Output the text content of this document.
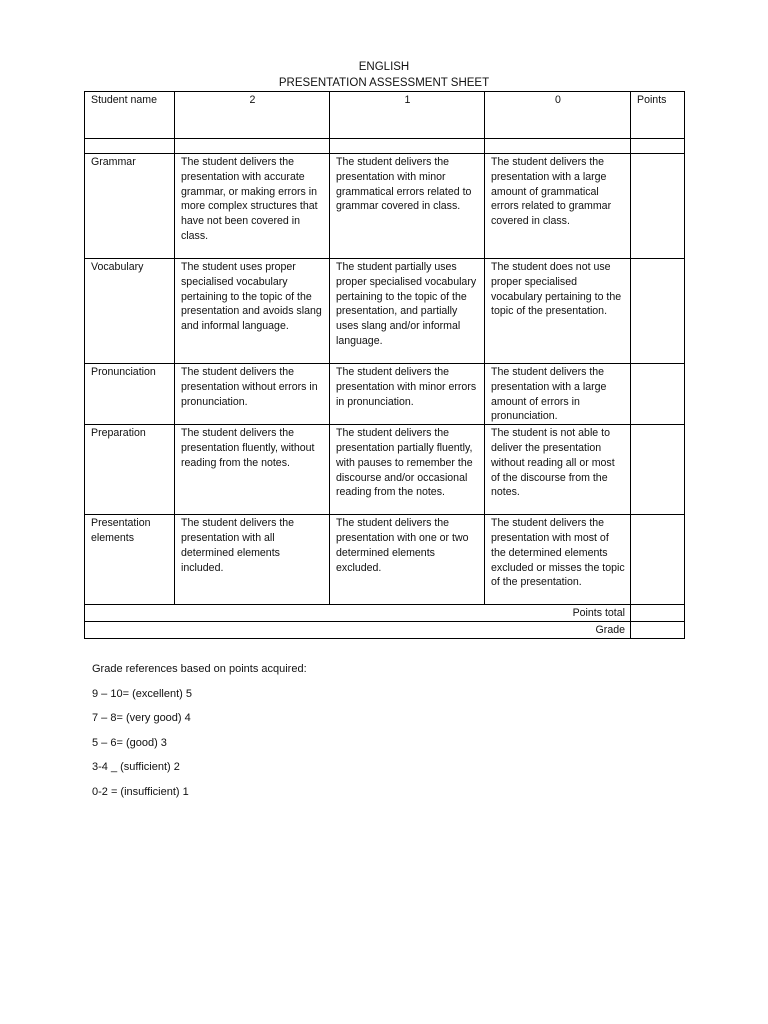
ENGLISH
PRESENTATION ASSESSMENT SHEET
Student name	2	1	0	Points

Grammar	The student delivers the presentation with accurate grammar, or making errors in more complex structures that have not been covered in class.	The student delivers the presentation with minor grammatical errors related to grammar covered in class.	The student delivers the presentation with a large amount of grammatical errors related to grammar covered in class.	
Vocabulary	The student uses proper specialised vocabulary pertaining to the topic of the presentation and avoids slang and informal language.	The student partially uses proper specialised vocabulary pertaining to the topic of the presentation, and partially uses slang and/or informal language.	The student does not use proper specialised vocabulary pertaining to the topic of the presentation.	
Pronunciation	The student delivers the presentation without errors in pronunciation.	The student delivers the presentation with minor errors in pronunciation.	The student delivers the presentation with a large amount of errors in pronunciation.	
Preparation	The student delivers the presentation fluently, without reading from the notes.	The student delivers the presentation partially fluently, with pauses to remember the discourse and/or occasional reading from the notes.	The student is not able to deliver the presentation without reading all or most of the discourse from the notes.	
Presentation elements	The student delivers the presentation with all determined elements included.	The student delivers the presentation with one or two determined elements excluded.	The student delivers the presentation with most of the determined elements excluded or misses the topic of the presentation.	
Points total				
Grade				

Grade references based on points acquired:

9 – 10= (excellent) 5

7 – 8= (very good) 4

5 – 6= (good) 3

3-4 _ (sufficient) 2

0-2 = (insufficient) 1
